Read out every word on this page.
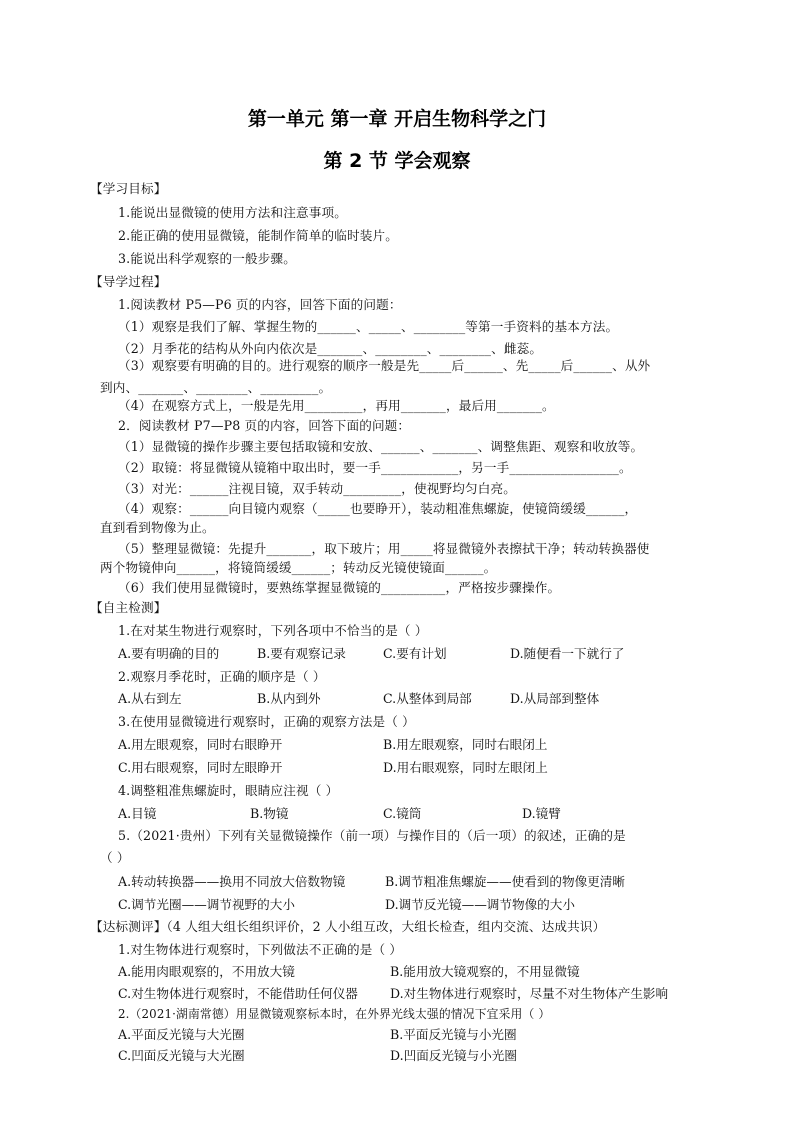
第一单元 第一章 开启生物科学之门
第 2 节 学会观察
【学习目标】
1.能说出显微镜的使用方法和注意事项。
2.能正确的使用显微镜，能制作简单的临时装片。
3.能说出科学观察的一般步骤。
【导学过程】
1.阅读教材 P5—P6 页的内容，回答下面的问题：
（1）观察是我们了解、掌握生物的______、_____、________等第一手资料的基本方法。
（2）月季花的结构从外向内依次是_______、________、________、雌蕊。
（3）观察要有明确的目的。进行观察的顺序一般是先_____后______、先_____后______、从外
到内、_______、________、_________。
（4）在观察方式上，一般是先用_________，再用_______，最后用_______。
2．阅读教材 P7—P8 页的内容，回答下面的问题：
（1）显微镜的操作步骤主要包括取镜和安放、______、_______、调整焦距、观察和收放等。
（2）取镜：将显微镜从镜箱中取出时，要一手____________，另一手_________________。
（3）对光：______注视目镜，双手转动_________，使视野均匀白亮。
（4）观察：______向目镜内观察（_____也要睁开），装动粗准焦螺旋，使镜筒缓缓______，
直到看到物像为止。
（5）整理显微镜：先提升_______，取下玻片；用_____将显微镜外表擦拭干净；转动转换器使
两个物镜伸向______，将镜筒缓缓______；转动反光镜使镜面______。
（6）我们使用显微镜时，要熟练掌握显微镜的__________，严格按步骤操作。
【自主检测】
1.在对某生物进行观察时，下列各项中不恰当的是（ ）
A.要有明确的目的	B.要有观察记录	C.要有计划	D.随便看一下就行了
2.观察月季花时，正确的顺序是（ ）
A.从右到左	B.从内到外	C.从整体到局部	D.从局部到整体
3.在使用显微镜进行观察时，正确的观察方法是（ ）
A.用左眼观察，同时右眼睁开	B.用左眼观察，同时右眼闭上
C.用右眼观察，同时左眼睁开	D.用右眼观察，同时左眼闭上
4.调整粗准焦螺旋时，眼睛应注视（ ）
A.目镜	B.物镜	C.镜筒	D.镜臂
5.（2021·贵州）下列有关显微镜操作（前一项）与操作目的（后一项）的叙述，正确的是
（ ）
A.转动转换器——换用不同放大倍数物镜	B.调节粗准焦螺旋——使看到的物像更清晰
C.调节光圈——调节视野的大小	D.调节反光镜——调节物像的大小
【达标测评】（4 人组大组长组织评价，2 人小组互改，大组长检查，组内交流、达成共识）
1.对生物体进行观察时，下列做法不正确的是（ ）
A.能用肉眼观察的，不用放大镜	B.能用放大镜观察的，不用显微镜
C.对生物体进行观察时，不能借助任何仪器	D.对生物体进行观察时，尽量不对生物体产生影响
2.（2021·湖南常德）用显微镜观察标本时，在外界光线太强的情况下宜采用（ ）
A.平面反光镜与大光圈	B.平面反光镜与小光圈
C.凹面反光镜与大光圈	D.凹面反光镜与小光圈
